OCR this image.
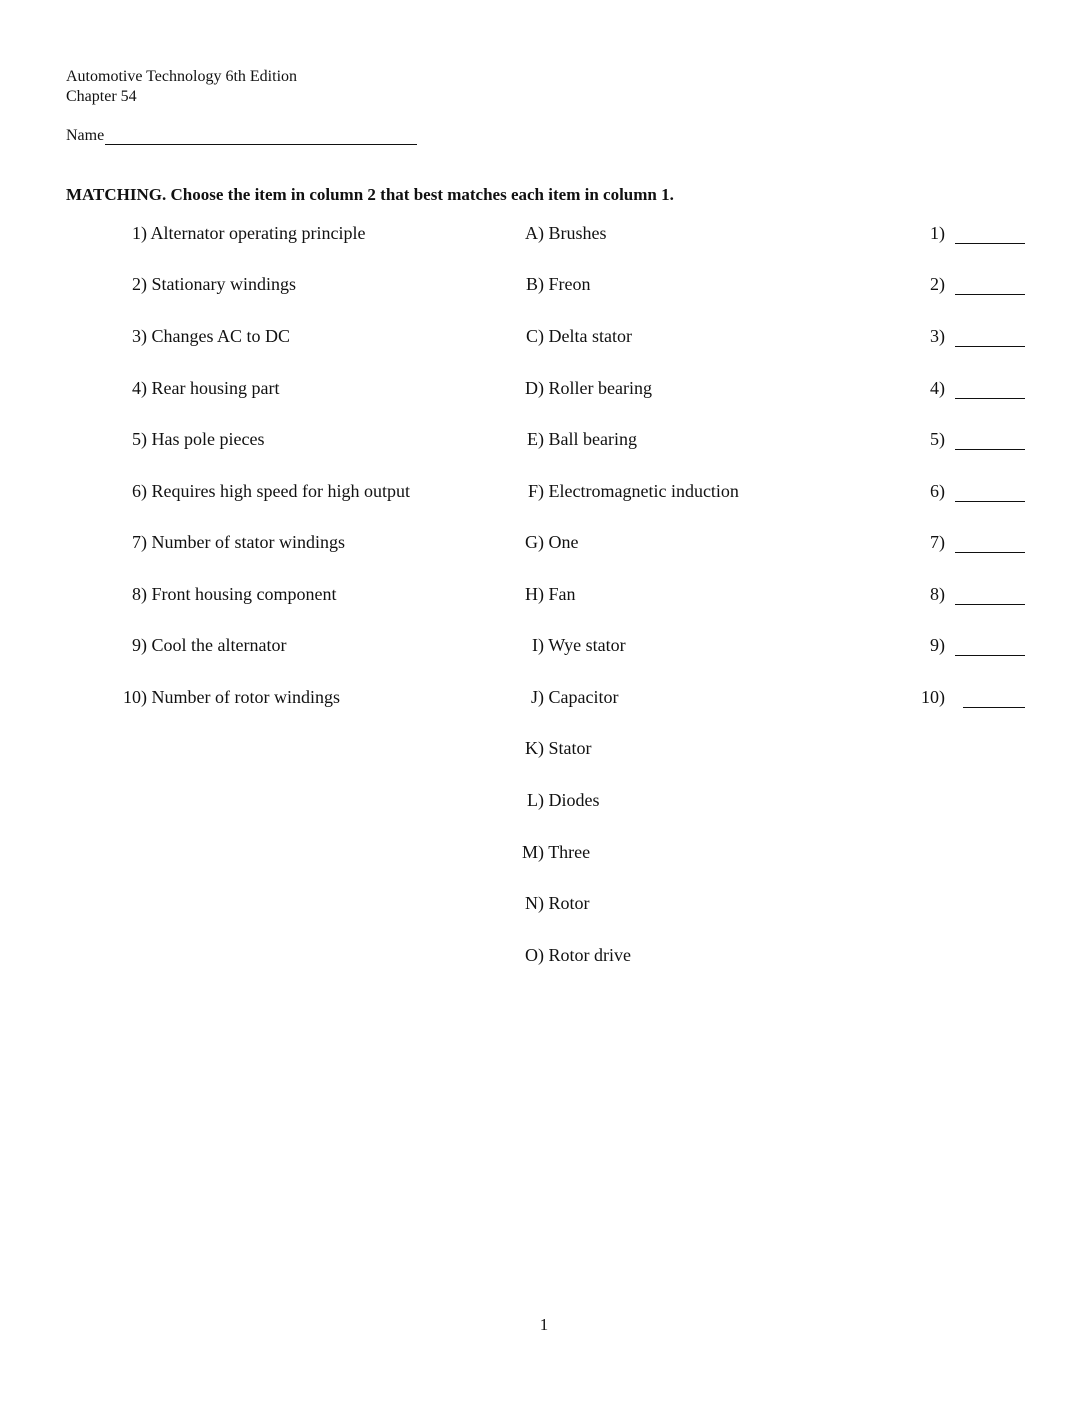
Automotive Technology 6th Edition
Chapter 54
Name
MATCHING. Choose the item in column 2 that best matches each item in column 1.
1) Alternator operating principle
2) Stationary windings
3) Changes AC to DC
4) Rear housing part
5) Has pole pieces
6) Requires high speed for high output
7) Number of stator windings
8) Front housing component
9) Cool the alternator
10) Number of rotor windings
A) Brushes
B) Freon
C) Delta stator
D) Roller bearing
E) Ball bearing
F) Electromagnetic induction
G) One
H) Fan
I) Wye stator
J) Capacitor
K) Stator
L) Diodes
M) Three
N) Rotor
O) Rotor drive
1)
2)
3)
4)
5)
6)
7)
8)
9)
10)
1
